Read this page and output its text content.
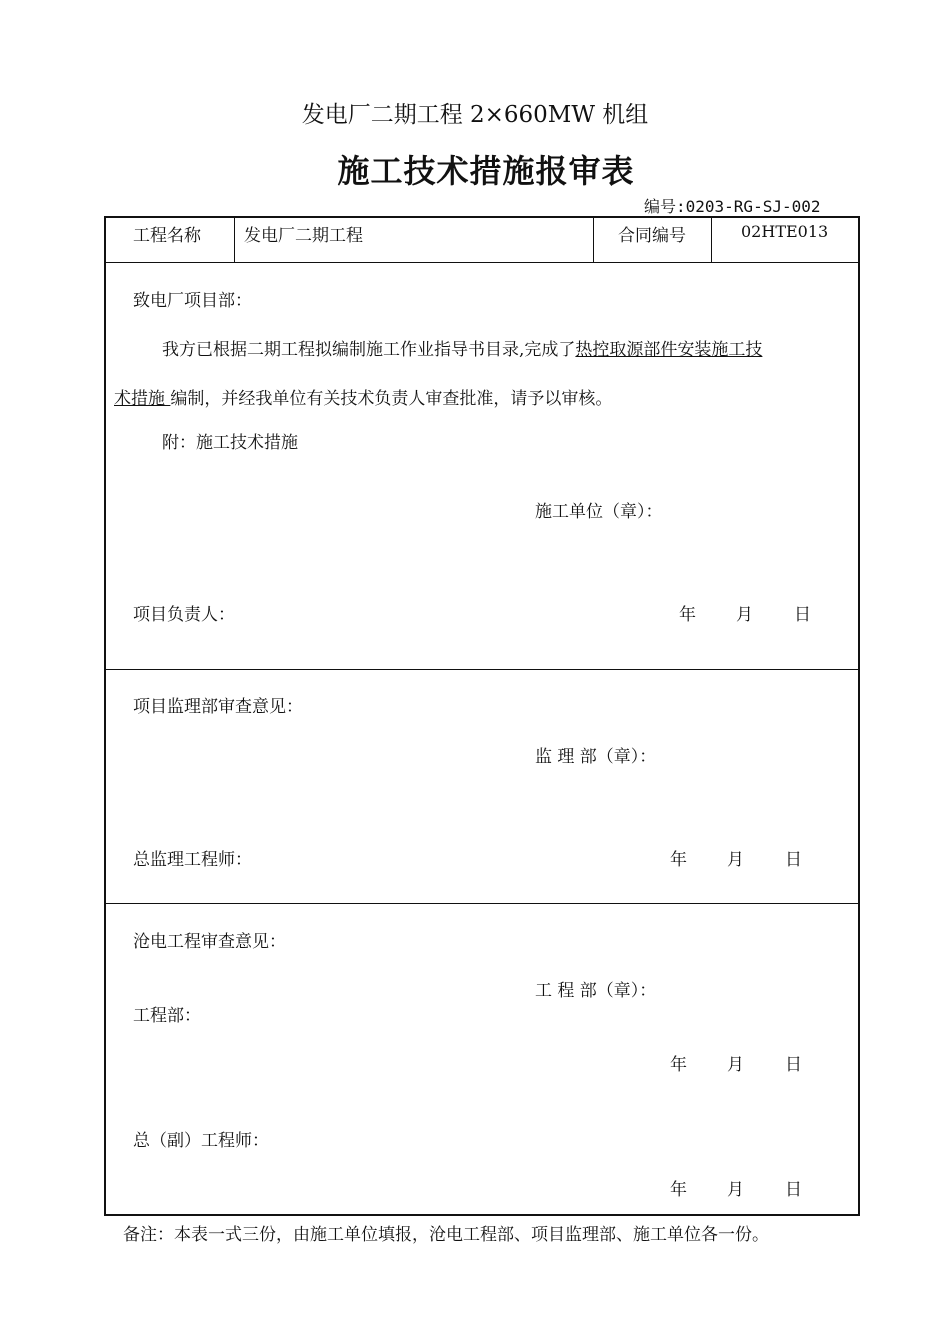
发电厂二期工程 2×660MW 机组
施工技术措施报审表
编号:0203-RG-SJ-002
工程名称	发电厂二期工程	合同编号	02HTE013
致电厂项目部：
我方已根据二期工程拟编制施工作业指导书目录,完成了热控取源部件安装施工技
术措施 编制，并经我单位有关技术负责人审查批准，请予以审核。
附：施工技术措施
施工单位（章）：
项目负责人：	年 月 日
项目监理部审查意见：
监 理 部（章）：
总监理工程师：	年 月 日
沧电工程审查意见：
工 程 部（章）：
工程部：
年 月 日
总（副）工程师：
年 月 日
备注：本表一式三份，由施工单位填报，沧电工程部、项目监理部、施工单位各一份。
